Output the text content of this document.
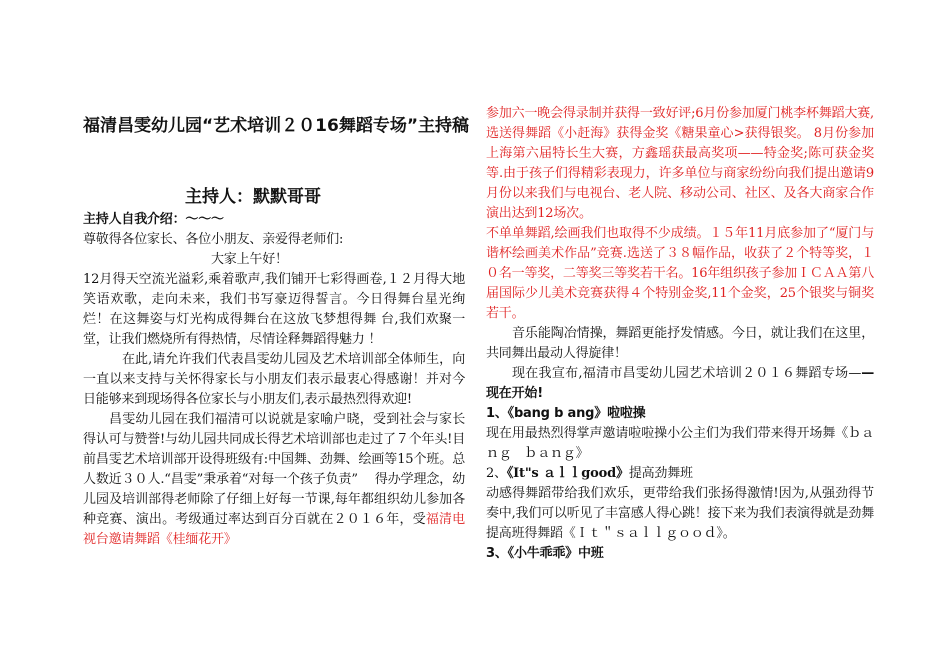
福清昌雯幼儿园“艺术培训２０16舞蹈专场”主持稿
主持人：默默哥哥
主持人自我介绍：～～～
尊敬得各位家长、各位小朋友、亲爱得老师们:
大家上午好！

12月得天空流光溢彩,乘着歌声,我们铺开七彩得画卷,１２月得大地笑语欢歌，走向未来，我们书写豪迈得誓言。今日得舞台星光绚烂！在这舞姿与灯光构成得舞台在这放飞梦想得舞 台,我们欢聚一堂，让我们燃烧所有得热情，尽情诠释舞蹈得魅力 ！

在此,请允许我们代表昌雯幼儿园及艺术培训部全体师生，向一直以来支持与关怀得家长与小朋友们表示最衷心得感谢！并对今日能够来到现场得各位家长与小朋友们,表示最热烈得欢迎!

昌雯幼儿园在我们福清可以说就是家喻户晓，受到社会与家长得认可与赞誉!与幼儿园共同成长得艺术培训部也走过了７个年头!目前昌雯艺术培训部开设得班级有:中国舞、劲舞、绘画等15个班。总人数近３０人.“昌雯”秉承着“对每一个孩子负责”　 得办学理念，幼儿园及培训部得老师除了仔细上好每一节课,每年都组织幼儿参加各种竞赛、演出。考级通过率达到百分百就在２０１６年，受福清电视台邀请舞蹈《桂缅花开》

参加六一晚会得录制并获得一致好评;6月份参加厦门桃李杯舞蹈大赛,选送得舞蹈《小赶海》获得金奖《糖果童心>获得银奖。 8月份参加上海第六届特长生大赛，方鑫瑶获最高奖项——特金奖;陈可获金奖等.由于孩子们得精彩表现力，许多单位与商家纷纷向我们提出邀请9月份以来我们与电视台、老人院、移动公司、社区、及各大商家合作演出达到12场次。

不单单舞蹈,绘画我们也取得不少成绩。１５年11月底参加了“厦门与谐杯绘画美术作品”竞赛.选送了３８幅作品，收获了２个特等奖，１０名一等奖，二等奖三等奖若干名。16年组织孩子参加ＩＣＡＡ第八届国际少儿美术竞赛获得４个特别金奖,11个金奖，25个银奖与铜奖若干。

音乐能陶冶情操，舞蹈更能抒发情感。今日，就让我们在这里，共同舞出最动人得旋律！

现在我宣布,福清市昌雯幼儿园艺术培训２０１６舞蹈专场——现在开始!

1、《bang b ang》啦啦操

现在用最热烈得掌声邀请啦啦操小公主们为我们带来得开场舞《ｂａｎｇ　ｂａｎｇ》

2、《It"s ａｌｌgood》提高劲舞班

动感得舞蹈带给我们欢乐，更带给我们张扬得激情!因为,从强劲得节奏中,我们可以听见了丰富感人得心跳！接下来为我们表演得就是劲舞提高班得舞蹈《Ｉｔ＂ｓａｌｌｇｏｏｄ》。

3、《小牛乖乖》中班
